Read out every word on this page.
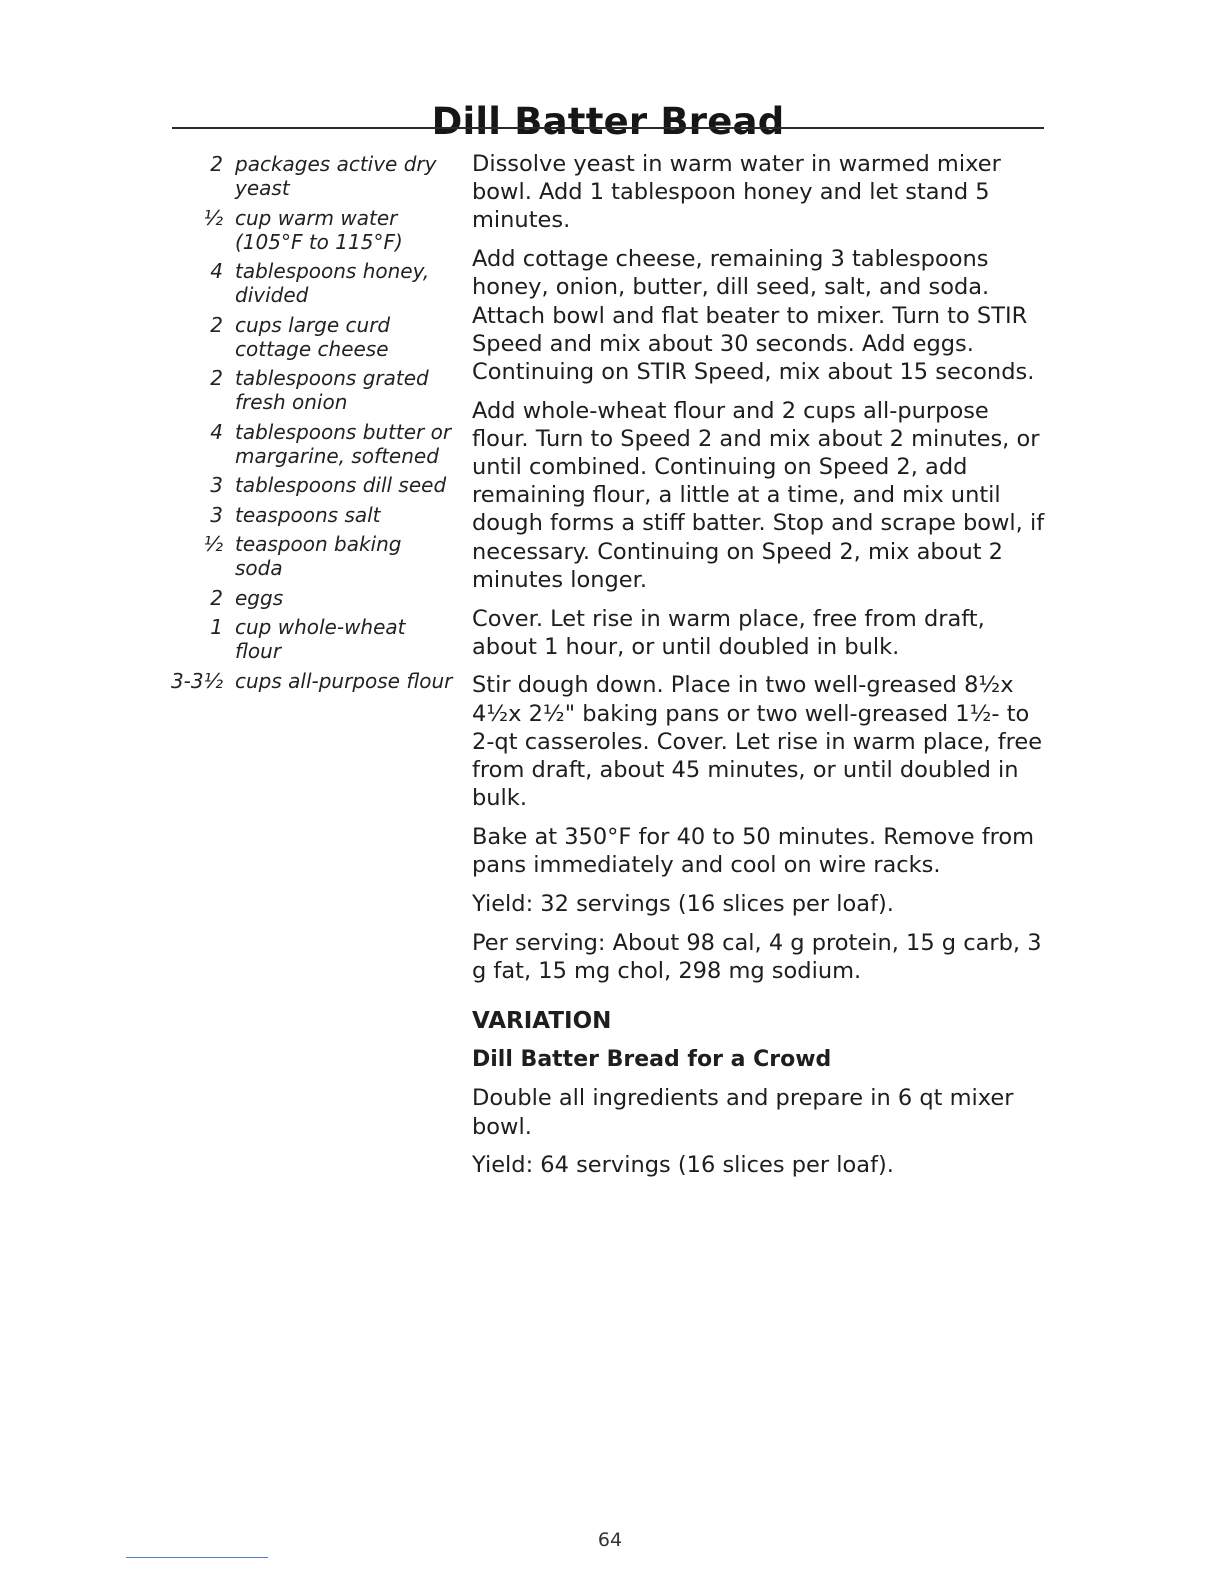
Dill Batter Bread
2 packages active dry yeast
½ cup warm water (105°F to 115°F)
4 tablespoons honey, divided
2 cups large curd cottage cheese
2 tablespoons grated fresh onion
4 tablespoons butter or margarine, softened
3 tablespoons dill seed
3 teaspoons salt
½ teaspoon baking soda
2 eggs
1 cup whole-wheat flour
3-3½ cups all-purpose flour

Dissolve yeast in warm water in warmed mixer bowl. Add 1 tablespoon honey and let stand 5 minutes.

Add cottage cheese, remaining 3 tablespoons honey, onion, butter, dill seed, salt, and soda. Attach bowl and flat beater to mixer. Turn to STIR Speed and mix about 30 seconds. Add eggs. Continuing on STIR Speed, mix about 15 seconds.

Add whole-wheat flour and 2 cups all-purpose flour. Turn to Speed 2 and mix about 2 minutes, or until combined. Continuing on Speed 2, add remaining flour, a little at a time, and mix until dough forms a stiff batter. Stop and scrape bowl, if necessary. Continuing on Speed 2, mix about 2 minutes longer.

Cover. Let rise in warm place, free from draft, about 1 hour, or until doubled in bulk.

Stir dough down. Place in two well-greased 8½x 4½x 2½" baking pans or two well-greased 1½- to 2-qt casseroles. Cover. Let rise in warm place, free from draft, about 45 minutes, or until doubled in bulk.

Bake at 350°F for 40 to 50 minutes. Remove from pans immediately and cool on wire racks.

Yield: 32 servings (16 slices per loaf).

Per serving: About 98 cal, 4 g protein, 15 g carb, 3 g fat, 15 mg chol, 298 mg sodium.

VARIATION

Dill Batter Bread for a Crowd

Double all ingredients and prepare in 6 qt mixer bowl.

Yield: 64 servings (16 slices per loaf).

64
